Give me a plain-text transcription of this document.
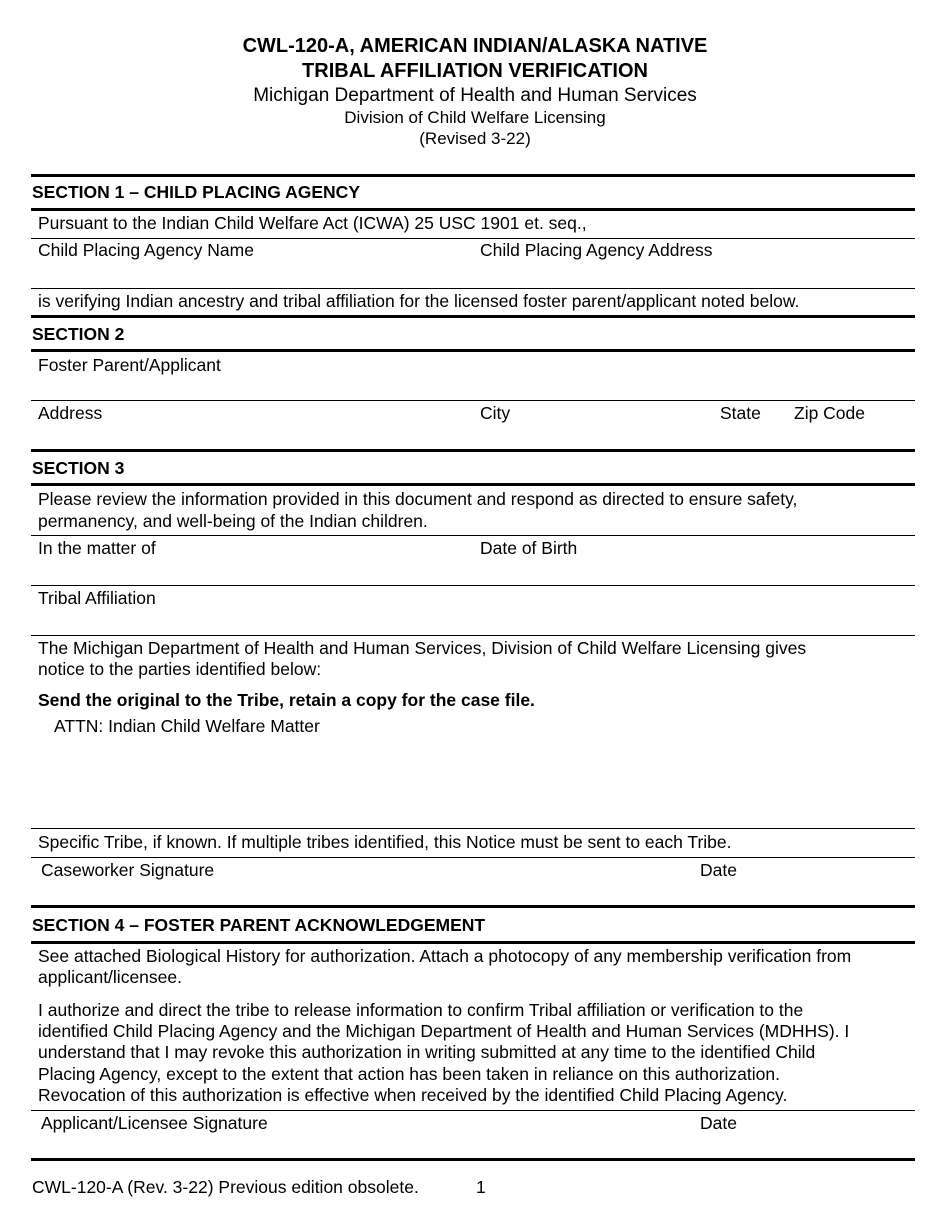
CWL-120-A, AMERICAN INDIAN/ALASKA NATIVE
TRIBAL AFFILIATION VERIFICATION
Michigan Department of Health and Human Services
Division of Child Welfare Licensing
(Revised 3-22)
SECTION 1 – CHILD PLACING AGENCY
Pursuant to the Indian Child Welfare Act (ICWA) 25 USC 1901 et. seq.,
Child Placing Agency Name	Child Placing Agency Address
is verifying Indian ancestry and tribal affiliation for the licensed foster parent/applicant noted below.
SECTION 2
Foster Parent/Applicant
Address	City	State Zip Code
SECTION 3
Please review the information provided in this document and respond as directed to ensure safety,
permanency, and well-being of the Indian children.
In the matter of	Date of Birth
Tribal Affiliation
The Michigan Department of Health and Human Services, Division of Child Welfare Licensing gives
notice to the parties identified below:
Send the original to the Tribe, retain a copy for the case file.
ATTN: Indian Child Welfare Matter
Specific Tribe, if known. If multiple tribes identified, this Notice must be sent to each Tribe.
Caseworker Signature	Date
SECTION 4 – FOSTER PARENT ACKNOWLEDGEMENT
See attached Biological History for authorization. Attach a photocopy of any membership verification from
applicant/licensee.
I authorize and direct the tribe to release information to confirm Tribal affiliation or verification to the
identified Child Placing Agency and the Michigan Department of Health and Human Services (MDHHS). I
understand that I may revoke this authorization in writing submitted at any time to the identified Child
Placing Agency, except to the extent that action has been taken in reliance on this authorization.
Revocation of this authorization is effective when received by the identified Child Placing Agency.
Applicant/Licensee Signature	Date
CWL-120-A (Rev. 3-22) Previous edition obsolete.	1
